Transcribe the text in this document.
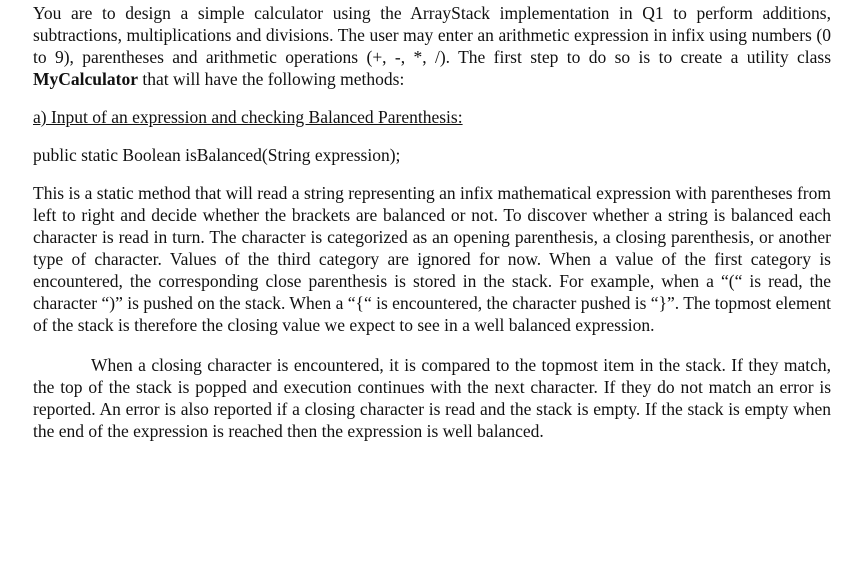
You are to design a simple calculator using the ArrayStack implementation in Q1 to perform additions, subtractions, multiplications and divisions. The user may enter an arithmetic expression in infix using numbers (0 to 9), parentheses and arithmetic operations (+, -, *, /). The first step to do so is to create a utility class MyCalculator that will have the following methods:

a) Input of an expression and checking Balanced Parenthesis:

public static Boolean isBalanced(String expression);

This is a static method that will read a string representing an infix mathematical expression with parentheses from left to right and decide whether the brackets are balanced or not. To discover whether a string is balanced each character is read in turn. The character is categorized as an opening parenthesis, a closing parenthesis, or another type of character. Values of the third category are ignored for now. When a value of the first category is encountered, the corresponding close parenthesis is stored in the stack. For example, when a “(“ is read, the character “)” is pushed on the stack. When a “{“ is encountered, the character pushed is “}”. The topmost element of the stack is therefore the closing value we expect to see in a well balanced expression.

When a closing character is encountered, it is compared to the topmost item in the stack. If they match, the top of the stack is popped and execution continues with the next character. If they do not match an error is reported. An error is also reported if a closing character is read and the stack is empty. If the stack is empty when the end of the expression is reached then the expression is well balanced.
